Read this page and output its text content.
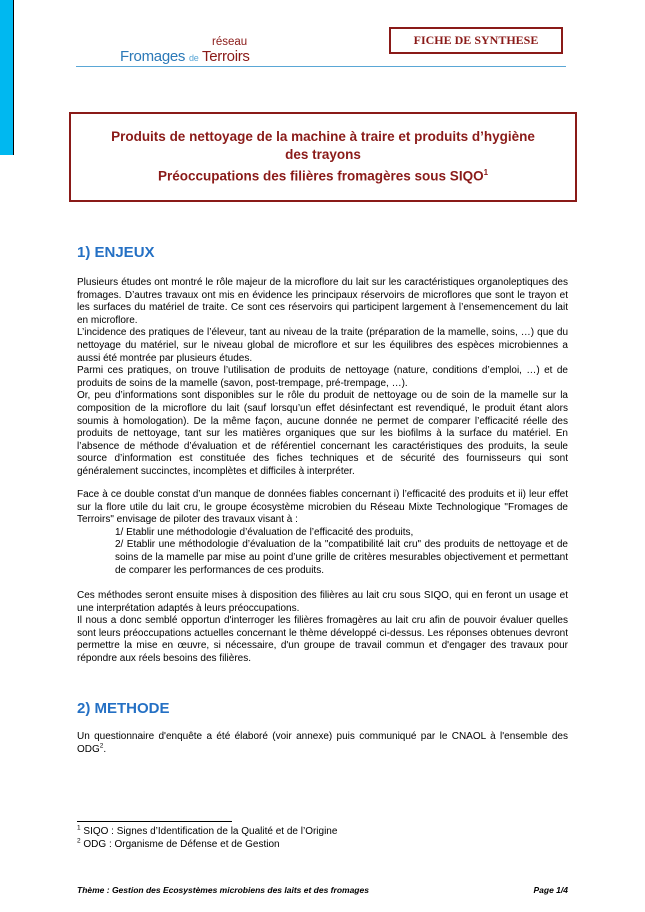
réseau
Fromages de Terroirs
FICHE DE SYNTHESE
Produits de nettoyage de la machine à traire et produits d’hygiène
des trayons
Préoccupations des filières fromagères sous SIQO$^1$
1) ENJEUX

Plusieurs études ont montré le rôle majeur de la microflore du lait sur les caractéristiques organoleptiques des fromages. D’autres travaux ont mis en évidence les principaux réservoirs de microflores que sont le trayon et les surfaces du matériel de traite. Ce sont ces réservoirs qui participent largement à l’ensemencement du lait en microflore.

L’incidence des pratiques de l’éleveur, tant au niveau de la traite (préparation de la mamelle, soins, …) que du nettoyage du matériel, sur le niveau global de microflore et sur les équilibres des espèces microbiennes a aussi été montrée par plusieurs études.

Parmi ces pratiques, on trouve l’utilisation de produits de nettoyage (nature, conditions d’emploi, …) et de produits de soins de la mamelle (savon, post-trempage, pré-trempage, …).

Or, peu d’informations sont disponibles sur le rôle du produit de nettoyage ou de soin de la mamelle sur la composition de la microflore du lait (sauf lorsqu’un effet désinfectant est revendiqué, le produit étant alors soumis à homologation). De la même façon, aucune donnée ne permet de comparer l’efficacité réelle des produits de nettoyage, tant sur les matières organiques que sur les biofilms à la surface du matériel. En l’absence de méthode d’évaluation et de référentiel concernant les caractéristiques des produits, la seule source d’information est constituée des fiches techniques et de sécurité des fournisseurs qui sont généralement succinctes, incomplètes et difficiles à interpréter.

Face à ce double constat d’un manque de données fiables concernant i) l’efficacité des produits et ii) leur effet sur la flore utile du lait cru, le groupe écosystème microbien du Réseau Mixte Technologique "Fromages de Terroirs" envisage de piloter des travaux visant à :

1/ Etablir une méthodologie d’évaluation de l’efficacité des produits,

2/ Etablir une méthodologie d’évaluation de la "compatibilité lait cru" des produits de nettoyage et de soins de la mamelle par mise au point d’une grille de critères mesurables objectivement et permettant de comparer les performances de ces produits.

Ces méthodes seront ensuite mises à disposition des filières au lait cru sous SIQO, qui en feront un usage et une interprétation adaptés à leurs préoccupations.

Il nous a donc semblé opportun d'interroger les filières fromagères au lait cru afin de pouvoir évaluer quelles sont leurs préoccupations actuelles concernant le thème développé ci-dessus. Les réponses obtenues devront permettre la mise en œuvre, si nécessaire, d'un groupe de travail commun et d'engager des travaux pour répondre aux réels besoins des filières.

2) METHODE

Un questionnaire d'enquête a été élaboré (voir annexe) puis communiqué par le CNAOL à l'ensemble des ODG$^2$.

$^1$ SIQO : Signes d’Identification de la Qualité et de l’Origine
$^2$ ODG : Organisme de Défense et de Gestion
Thème : Gestion des Ecosystèmes microbiens des laits et des fromages	Page 1/4
